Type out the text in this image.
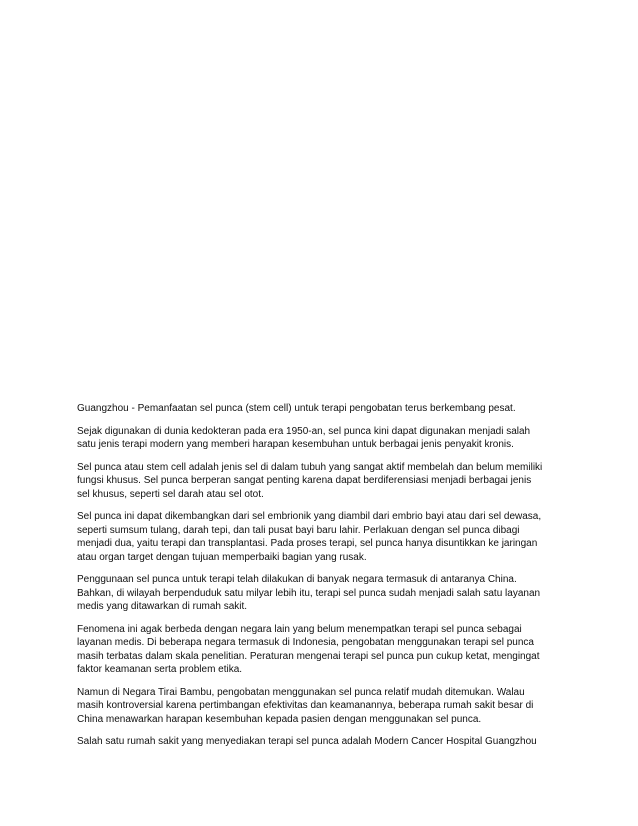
Guangzhou - Pemanfaatan sel punca (stem cell) untuk terapi pengobatan terus berkembang pesat.

Sejak digunakan di dunia kedokteran pada era 1950-an, sel punca kini dapat digunakan menjadi salah
satu jenis terapi modern yang memberi harapan kesembuhan untuk berbagai jenis penyakit kronis.

Sel punca atau stem cell adalah jenis sel di dalam tubuh yang sangat aktif membelah dan belum memiliki
fungsi khusus. Sel punca berperan sangat penting karena dapat berdiferensiasi menjadi berbagai jenis
sel khusus, seperti sel darah atau sel otot.

Sel punca ini dapat dikembangkan dari sel embrionik yang diambil dari embrio bayi atau dari sel dewasa,
seperti sumsum tulang, darah tepi, dan tali pusat bayi baru lahir. Perlakuan dengan sel punca dibagi
menjadi dua, yaitu terapi dan transplantasi. Pada proses terapi, sel punca hanya disuntikkan ke jaringan
atau organ target dengan tujuan memperbaiki bagian yang rusak.

Penggunaan sel punca untuk terapi telah dilakukan di banyak negara termasuk di antaranya China.
Bahkan, di wilayah berpenduduk satu milyar lebih itu, terapi sel punca sudah menjadi salah satu layanan
medis yang ditawarkan di rumah sakit.

Fenomena ini agak berbeda dengan negara lain yang belum menempatkan terapi sel punca sebagai
layanan medis. Di beberapa negara termasuk di Indonesia, pengobatan menggunakan terapi sel punca
masih terbatas dalam skala penelitian. Peraturan mengenai terapi sel punca pun cukup ketat, mengingat
faktor keamanan serta problem etika.

Namun di Negara Tirai Bambu, pengobatan menggunakan sel punca relatif mudah ditemukan. Walau
masih kontroversial karena pertimbangan efektivitas dan keamanannya, beberapa rumah sakit besar di
China menawarkan harapan kesembuhan kepada pasien dengan menggunakan sel punca.

Salah satu rumah sakit yang menyediakan terapi sel punca adalah Modern Cancer Hospital Guangzhou
